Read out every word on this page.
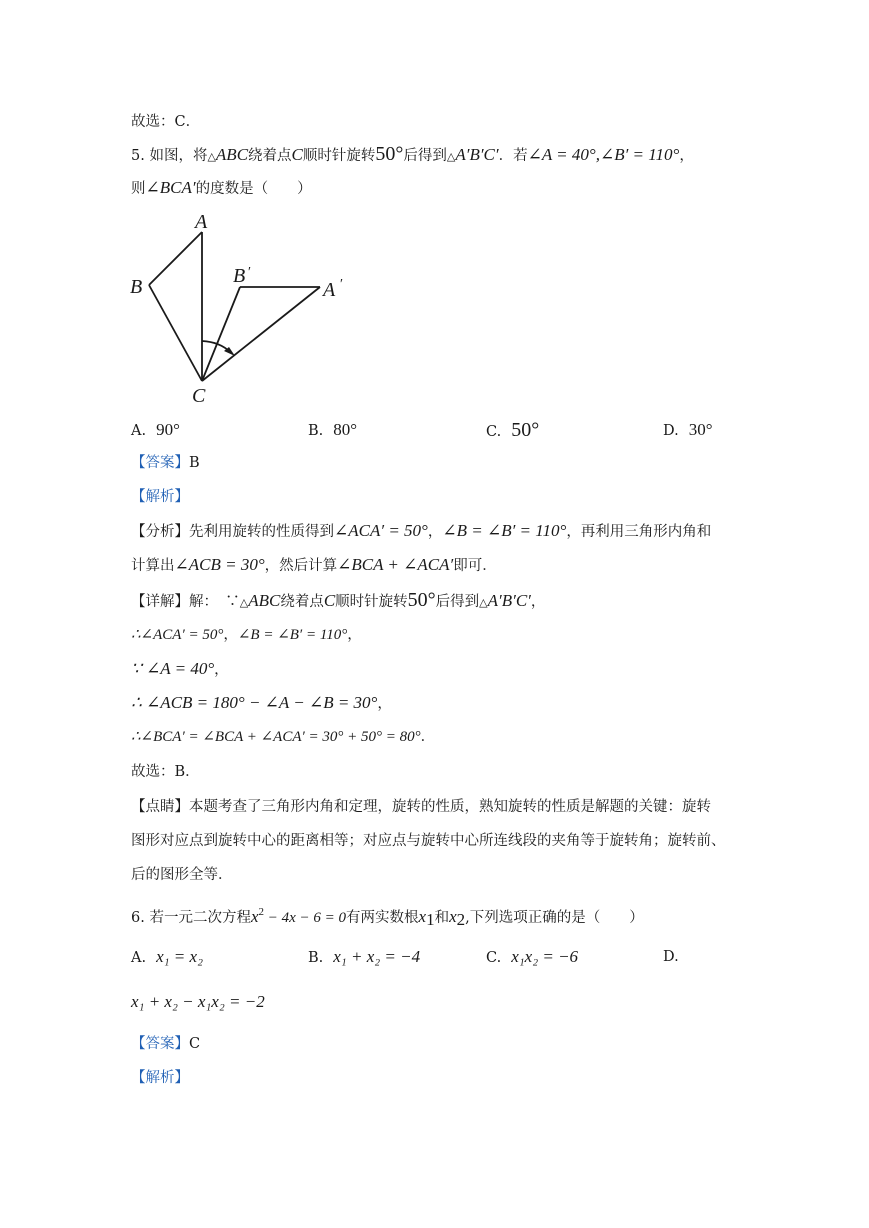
故选：C．
5. 如图，将△ABC绕着点C顺时针旋转50°后得到△A′B′C′．若∠A = 40°,∠B′ = 110°，
则∠BCA′的度数是（　　）
A
B
C
B ′
A ′
A. 90°	B. 80°	C. 50°	D. 30°
【答案】B
【解析】
【分析】先利用旋转的性质得到∠ACA′ = 50°，∠B = ∠B′ = 110°，再利用三角形内角和
计算出∠ACB = 30°，然后计算∠BCA + ∠ACA′即可．
【详解】解：　∵△ABC绕着点C顺时针旋转50°后得到△A′B′C′，
∴∠ACA′ = 50°，∠B = ∠B′ = 110°，
∵ ∠A = 40°，
∴ ∠ACB = 180° − ∠A − ∠B = 30°，
∴∠BCA′ = ∠BCA + ∠ACA′ = 30° + 50° = 80°．
故选：B．
【点睛】本题考查了三角形内角和定理，旋转的性质，熟知旋转的性质是解题的关键：旋转
图形对应点到旋转中心的距离相等；对应点与旋转中心所连线段的夹角等于旋转角；旋转前、
后的图形全等．
6. 若一元二次方程$x^2 - 4x - 6 = 0$有两实数根$x_1$和$x_2$,下列选项正确的是（　　）
A. x₁ = x₂	B. x₁ + x₂ = −4	C. x₁x₂ = −6	D.
x₁ + x₂ − x₁x₂ = −2
【答案】C
【解析】
